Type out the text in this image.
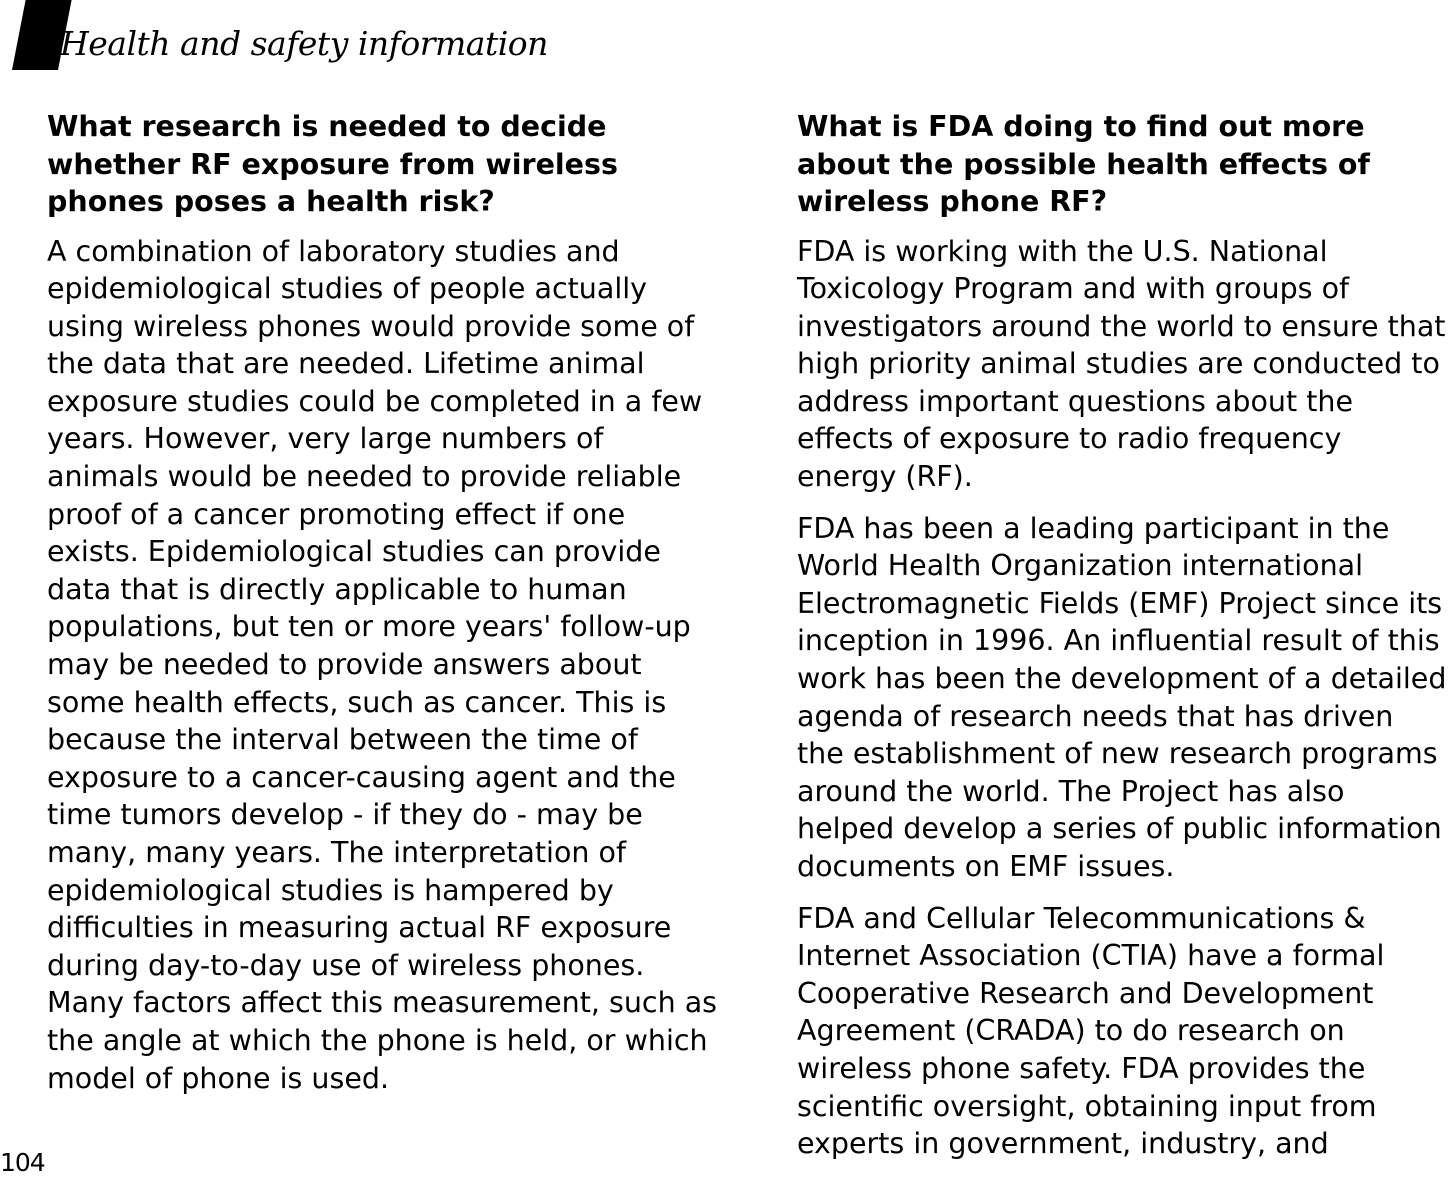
Health and safety information
What research is needed to decide whether RF exposure from wireless phones poses a health risk?

A combination of laboratory studies and epidemiological studies of people actually using wireless phones would provide some of the data that are needed. Lifetime animal exposure studies could be completed in a few years. However, very large numbers of animals would be needed to provide reliable proof of a cancer promoting effect if one exists. Epidemiological studies can provide data that is directly applicable to human populations, but ten or more years' follow-up may be needed to provide answers about some health effects, such as cancer. This is because the interval between the time of exposure to a cancer-causing agent and the time tumors develop - if they do - may be many, many years. The interpretation of epidemiological studies is hampered by difficulties in measuring actual RF exposure during day-to-day use of wireless phones. Many factors affect this measurement, such as the angle at which the phone is held, or which model of phone is used.

What is FDA doing to find out more about the possible health effects of wireless phone RF?

FDA is working with the U.S. National Toxicology Program and with groups of investigators around the world to ensure that high priority animal studies are conducted to address important questions about the effects of exposure to radio frequency energy (RF).

FDA has been a leading participant in the World Health Organization international Electromagnetic Fields (EMF) Project since its inception in 1996. An influential result of this work has been the development of a detailed agenda of research needs that has driven the establishment of new research programs around the world. The Project has also helped develop a series of public information documents on EMF issues.

FDA and Cellular Telecommunications & Internet Association (CTIA) have a formal Cooperative Research and Development Agreement (CRADA) to do research on wireless phone safety. FDA provides the scientific oversight, obtaining input from experts in government, industry, and

104
